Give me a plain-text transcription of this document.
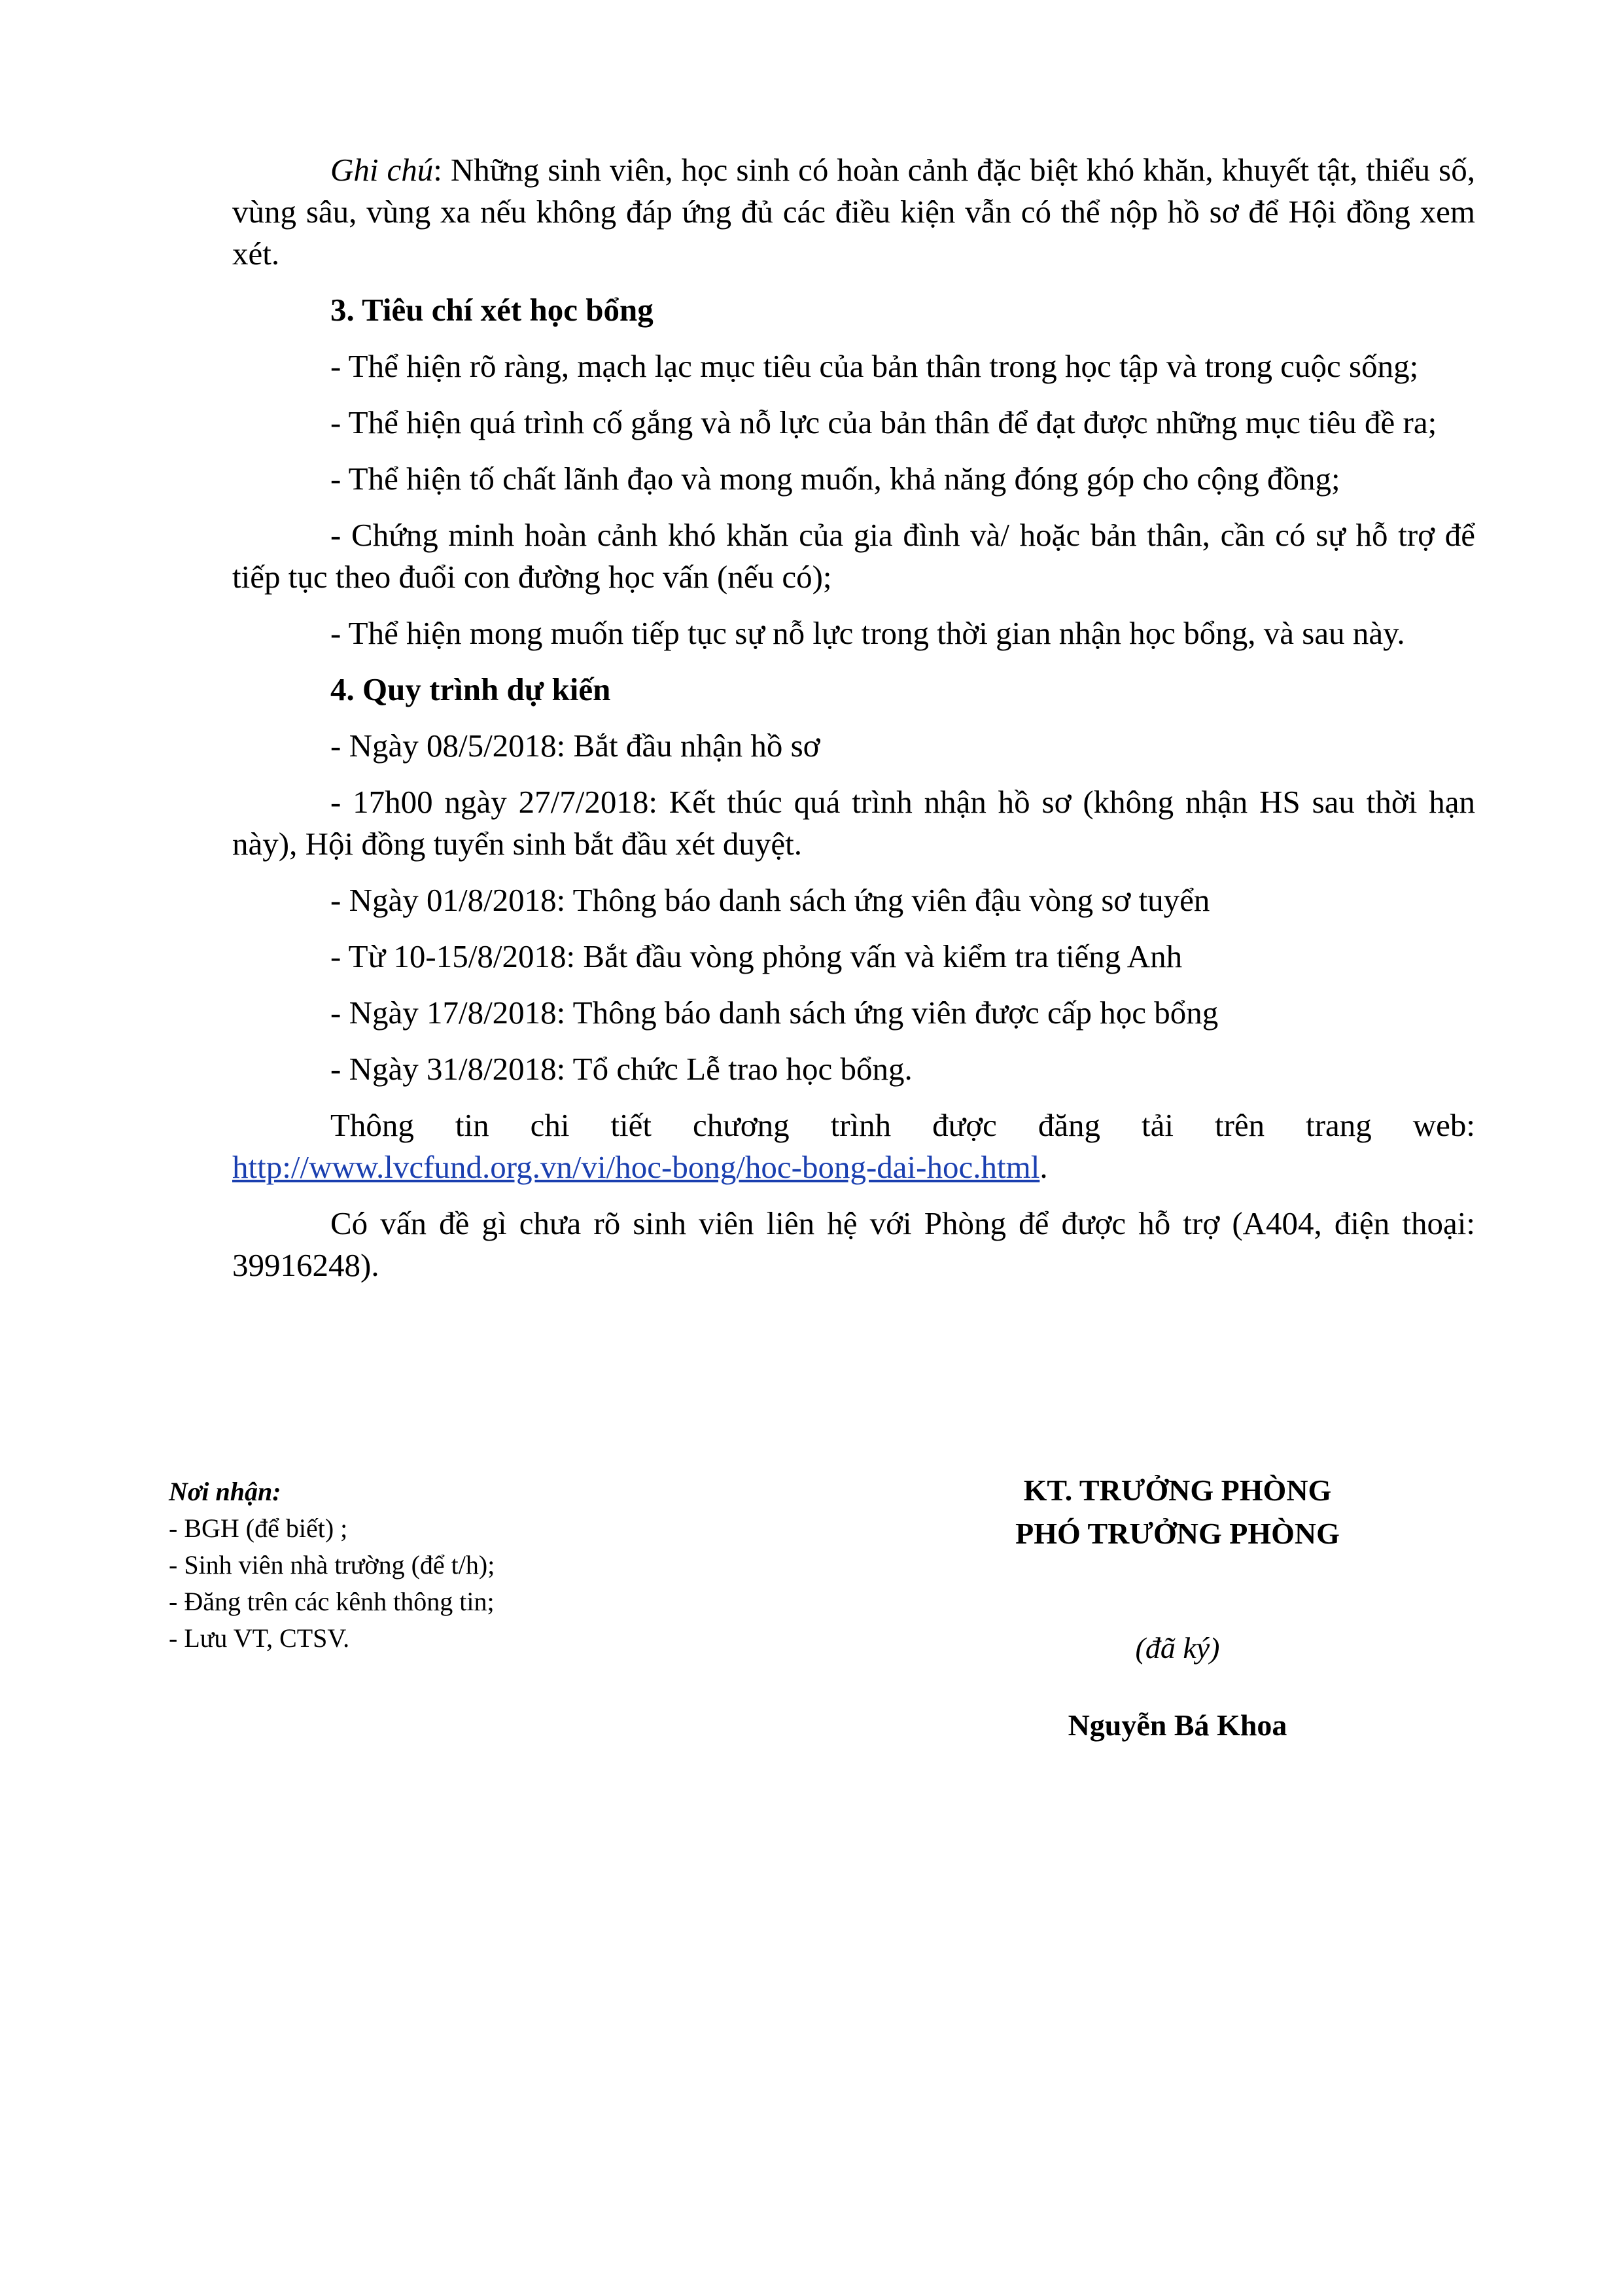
Ghi chú: Những sinh viên, học sinh có hoàn cảnh đặc biệt khó khăn, khuyết tật, thiểu số, vùng sâu, vùng xa nếu không đáp ứng đủ các điều kiện vẫn có thể nộp hồ sơ để Hội đồng xem xét.

3. Tiêu chí xét học bổng

- Thể hiện rõ ràng, mạch lạc mục tiêu của bản thân trong học tập và trong cuộc sống;

- Thể hiện quá trình cố gắng và nỗ lực của bản thân để đạt được những mục tiêu đề ra;

- Thể hiện tố chất lãnh đạo và mong muốn, khả năng đóng góp cho cộng đồng;

- Chứng minh hoàn cảnh khó khăn của gia đình và/ hoặc bản thân, cần có sự hỗ trợ để tiếp tục theo đuổi con đường học vấn (nếu có);

- Thể hiện mong muốn tiếp tục sự nỗ lực trong thời gian nhận học bổng, và sau này.

4. Quy trình dự kiến

- Ngày 08/5/2018: Bắt đầu nhận hồ sơ

- 17h00 ngày 27/7/2018: Kết thúc quá trình nhận hồ sơ (không nhận HS sau thời hạn này), Hội đồng tuyển sinh bắt đầu xét duyệt.

- Ngày 01/8/2018: Thông báo danh sách ứng viên đậu vòng sơ tuyển

- Từ 10-15/8/2018: Bắt đầu vòng phỏng vấn và kiểm tra tiếng Anh

- Ngày 17/8/2018: Thông báo danh sách ứng viên được cấp học bổng

- Ngày 31/8/2018: Tổ chức Lễ trao học bổng.

Thông tin chi tiết chương trình được đăng tải trên trang web: http://www.lvcfund.org.vn/vi/hoc-bong/hoc-bong-dai-hoc.html.

Có vấn đề gì chưa rõ sinh viên liên hệ với Phòng để được hỗ trợ (A404, điện thoại: 39916248).

Nơi nhận:
- BGH (để biết) ;
- Sinh viên nhà trường (để t/h);
- Đăng trên các kênh thông tin;
- Lưu VT, CTSV.
KT. TRƯỞNG PHÒNG
PHÓ TRƯỞNG PHÒNG
(đã ký)
Nguyễn Bá Khoa
